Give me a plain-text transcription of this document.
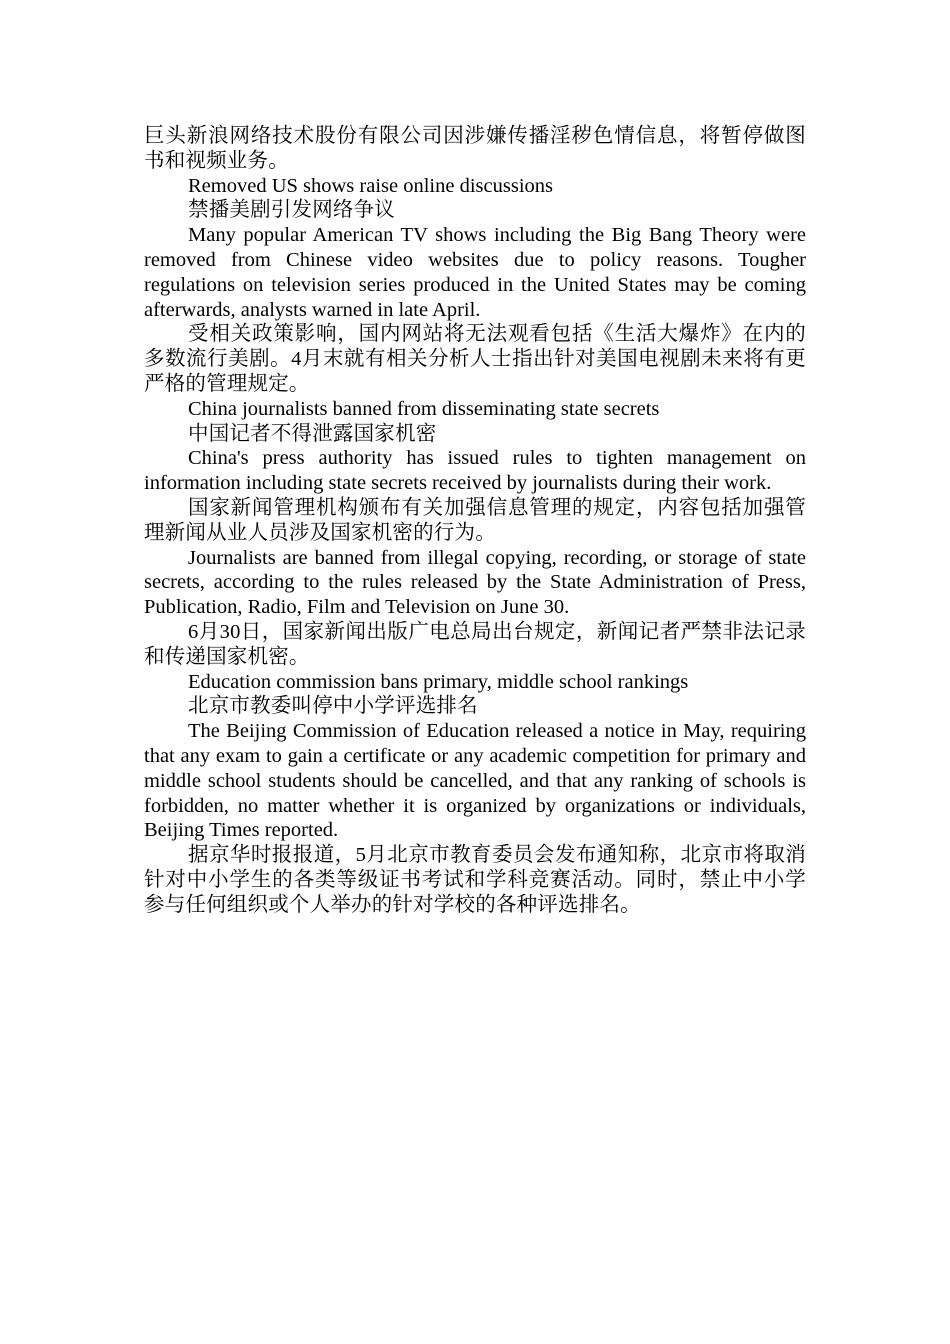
巨头新浪网络技术股份有限公司因涉嫌传播淫秽色情信息，将暂停做图书和视频业务。

Removed US shows raise online discussions

禁播美剧引发网络争议

Many popular American TV shows including the Big Bang Theory were removed from Chinese video websites due to policy reasons. Tougher regulations on television series produced in the United States may be coming afterwards, analysts warned in late April.

受相关政策影响，国内网站将无法观看包括《生活大爆炸》在内的多数流行美剧。4月末就有相关分析人士指出针对美国电视剧未来将有更严格的管理规定。

China journalists banned from disseminating state secrets

中国记者不得泄露国家机密

China's press authority has issued rules to tighten management on information including state secrets received by journalists during their work.

国家新闻管理机构颁布有关加强信息管理的规定，内容包括加强管理新闻从业人员涉及国家机密的行为。

Journalists are banned from illegal copying, recording, or storage of state secrets, according to the rules released by the State Administration of Press, Publication, Radio, Film and Television on June 30.

6月30日，国家新闻出版广电总局出台规定，新闻记者严禁非法记录和传递国家机密。

Education commission bans primary, middle school rankings

北京市教委叫停中小学评选排名

The Beijing Commission of Education released a notice in May, requiring that any exam to gain a certificate or any academic competition for primary and middle school students should be cancelled, and that any ranking of schools is forbidden, no matter whether it is organized by organizations or individuals, Beijing Times reported.

据京华时报报道，5月北京市教育委员会发布通知称，北京市将取消针对中小学生的各类等级证书考试和学科竞赛活动。同时，禁止中小学参与任何组织或个人举办的针对学校的各种评选排名。
